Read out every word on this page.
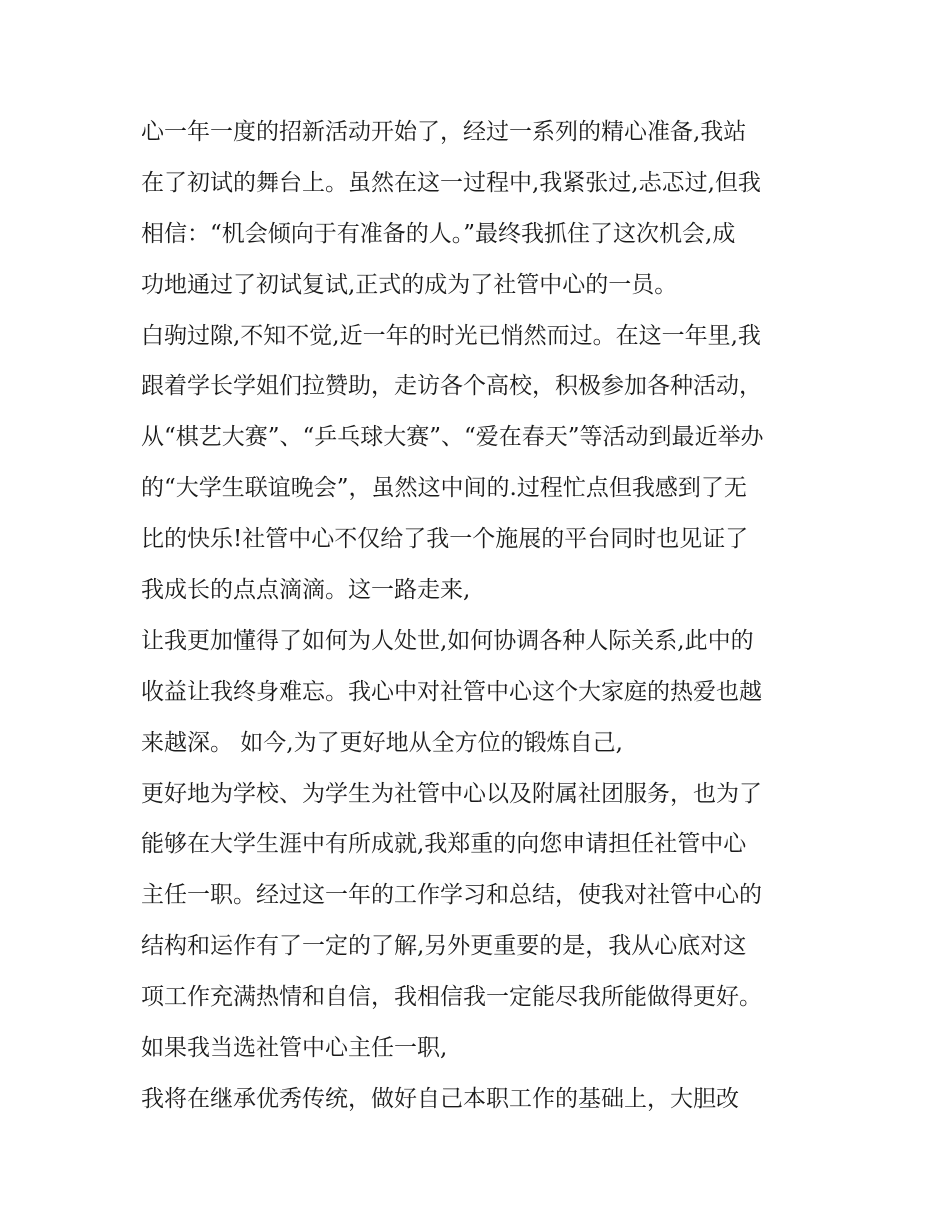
心一年一度的招新活动开始了，经过一系列的精心准备,我站
在了初试的舞台上。虽然在这一过程中,我紧张过,忐忑过,但我
相信：“机会倾向于有准备的人。”最终我抓住了这次机会,成
功地通过了初试复试,正式的成为了社管中心的一员。
白驹过隙,不知不觉,近一年的时光已悄然而过。在这一年里,我
跟着学长学姐们拉赞助，走访各个高校，积极参加各种活动，
从“棋艺大赛”、“乒乓球大赛”、“爱在春天”等活动到最近举办
的“大学生联谊晚会”，虽然这中间的.过程忙点但我感到了无
比的快乐!社管中心不仅给了我一个施展的平台同时也见证了
我成长的点点滴滴。这一路走来,
让我更加懂得了如何为人处世,如何协调各种人际关系,此中的
收益让我终身难忘。我心中对社管中心这个大家庭的热爱也越
来越深。 如今,为了更好地从全方位的锻炼自己,
更好地为学校、为学生为社管中心以及附属社团服务，也为了
能够在大学生涯中有所成就,我郑重的向您申请担任社管中心
主任一职。经过这一年的工作学习和总结，使我对社管中心的
结构和运作有了一定的了解,另外更重要的是，我从心底对这
项工作充满热情和自信，我相信我一定能尽我所能做得更好。
如果我当选社管中心主任一职,
我将在继承优秀传统，做好自己本职工作的基础上，大胆改
